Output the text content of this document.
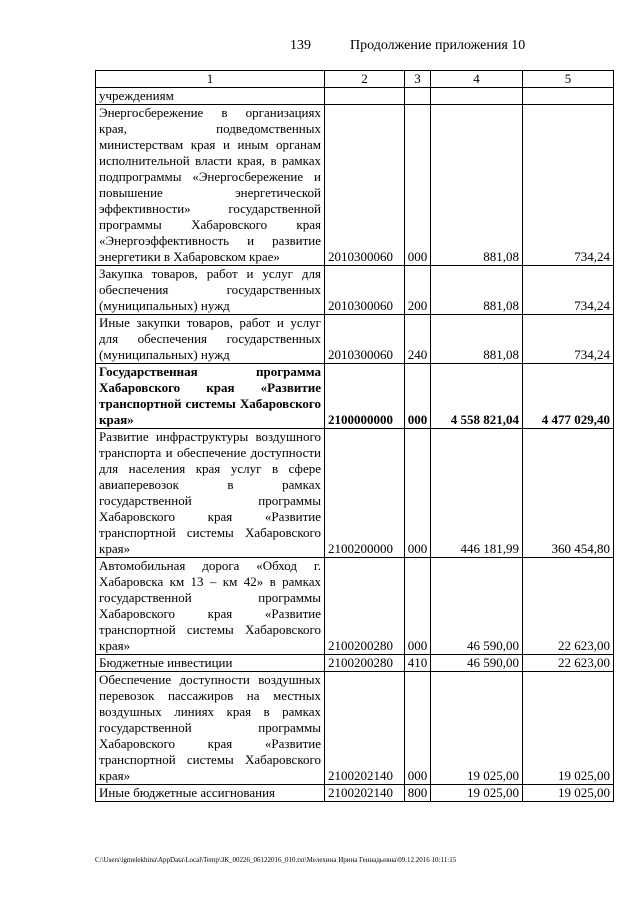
139	Продолжение приложения 10
1	2	3	4	5
учреждениям				
Энергосбережение в организациях края, подведомственных министерствам края и иным органам исполнительной власти края, в рамках подпрограммы «Энергосбережение и повышение энергетической эффективности» государственной программы Хабаровского края «Энергоэффективность и развитие энергетики в Хабаровском крае»	2010300060	000	881,08	734,24
Закупка товаров, работ и услуг для обеспечения государственных (муниципальных) нужд	2010300060	200	881,08	734,24
Иные закупки товаров, работ и услуг для обеспечения государственных (муниципальных) нужд	2010300060	240	881,08	734,24
Государственная программа Хабаровского края «Развитие транспортной системы Хабаровского края»	2100000000	000	4 558 821,04	4 477 029,40
Развитие инфраструктуры воздушного транспорта и обеспечение доступности для населения края услуг в сфере авиаперевозок в рамках государственной программы Хабаровского края «Развитие транспортной системы Хабаровского края»	2100200000	000	446 181,99	360 454,80
Автомобильная дорога «Обход г. Хабаровска км 13 – км 42» в рамках государственной программы Хабаровского края «Развитие транспортной системы Хабаровского края»	2100200280	000	46 590,00	22 623,00
Бюджетные инвестиции	2100200280	410	46 590,00	22 623,00
Обеспечение доступности воздушных перевозок пассажиров на местных воздушных линиях края в рамках государственной программы Хабаровского края «Развитие транспортной системы Хабаровского края»	2100202140	000	19 025,00	19 025,00
Иные бюджетные ассигнования	2100202140	800	19 025,00	19 025,00
C:\Users\igmelekhina\AppData\Local\Temp\ЗК_00226_06122016_010.txt\Мелехина Ирина Геннадьевна\09.12.2016 10:11:15
